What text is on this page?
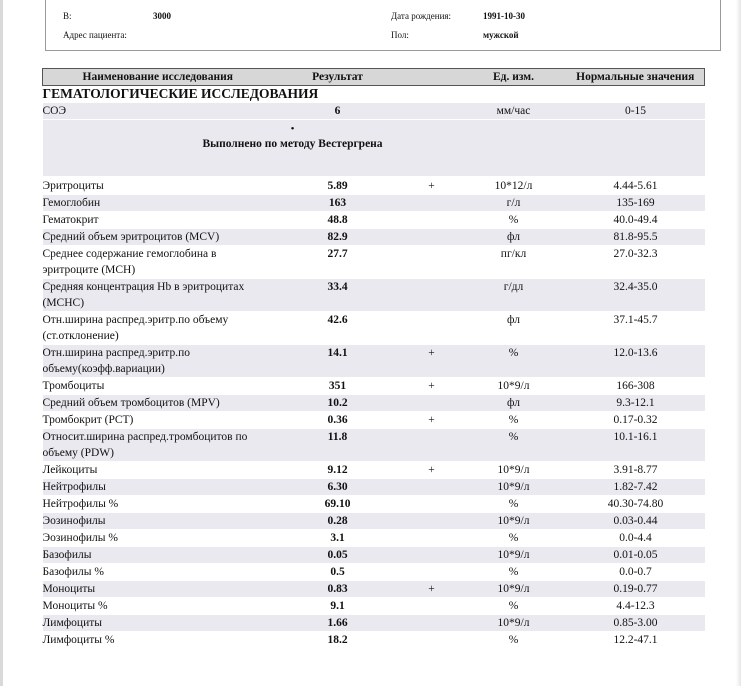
В:	3000
Адрес пациента:
Дата рождения:	1991-10-30
Пол:	мужской
Наименование исследования	Результат		Ед. изм.	Нормальные значения
ГЕМАТОЛОГИЧЕСКИЕ ИССЛЕДОВАНИЯ				
СОЭ	6		мм/час	0-15

•
Выполнено по методу Вестергрена				

Эритроциты	5.89	+	10*12/л	4.44-5.61
Гемоглобин	163		г/л	135-169
Гематокрит	48.8		%	40.0-49.4
Средний объем эритроцитов (MCV)	82.9		фл	81.8-95.5
Среднее содержание гемоглобина в эритроците (MCH)	27.7		пг/кл	27.0-32.3
Средняя концентрация Hb в эритроцитах (MCHC)	33.4		г/дл	32.4-35.0
Отн.ширина распред.эритр.по объему (ст.отклонение)	42.6		фл	37.1-45.7
Отн.ширина распред.эритр.по объему(коэфф.вариации)	14.1	+	%	12.0-13.6
Тромбоциты	351	+	10*9/л	166-308
Средний объем тромбоцитов (MPV)	10.2		фл	9.3-12.1
Тромбокрит (PCT)	0.36	+	%	0.17-0.32
Относит.ширина распред.тромбоцитов по объему (PDW)	11.8		%	10.1-16.1
Лейкоциты	9.12	+	10*9/л	3.91-8.77
Нейтрофилы	6.30		10*9/л	1.82-7.42
Нейтрофилы %	69.10		%	40.30-74.80
Эозинофилы	0.28		10*9/л	0.03-0.44
Эозинофилы %	3.1		%	0.0-4.4
Базофилы	0.05		10*9/л	0.01-0.05
Базофилы %	0.5		%	0.0-0.7
Моноциты	0.83	+	10*9/л	0.19-0.77
Моноциты %	9.1		%	4.4-12.3
Лимфоциты	1.66		10*9/л	0.85-3.00
Лимфоциты %	18.2		%	12.2-47.1
